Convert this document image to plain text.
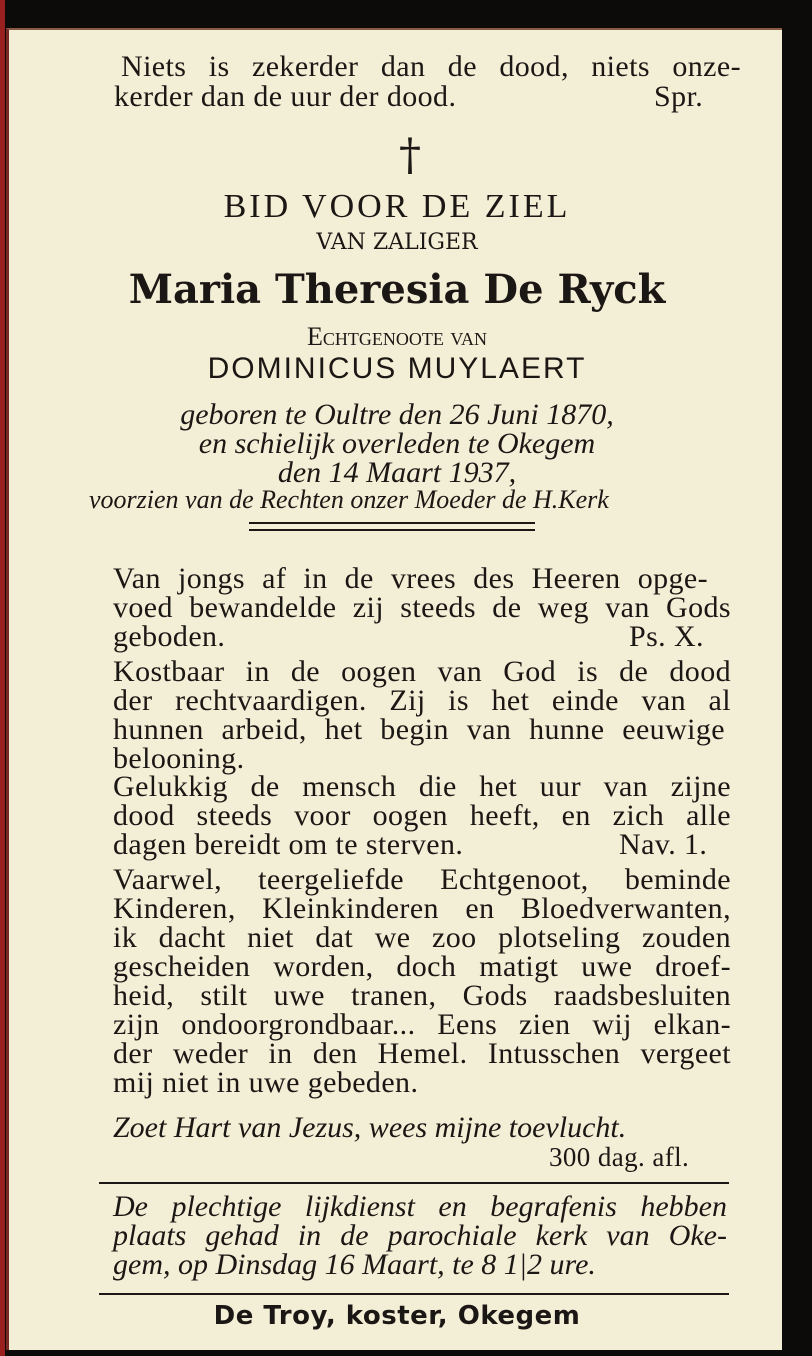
Niets is zekerder dan de dood, niets onze-
kerder dan de uur der dood.	Spr.
†
BID VOOR DE ZIEL
VAN ZALIGER
Maria Theresia De Ryck
Echtgenoote van
DOMINICUS MUYLAERT
geboren te Oultre den 26 Juni 1870,
en schielijk overleden te Okegem
den 14 Maart 1937,
voorzien van de Rechten onzer Moeder de H.Kerk
Van jongs af in de vrees des Heeren opge-
voed bewandelde zij steeds de weg van Gods
geboden.	Ps. X.
Kostbaar in de oogen van God is de dood
der rechtvaardigen. Zij is het einde van al
hunnen arbeid, het begin van hunne eeuwige
belooning.
Gelukkig de mensch die het uur van zijne
dood steeds voor oogen heeft, en zich alle
dagen bereidt om te sterven.	Nav. 1.
Vaarwel, teergeliefde Echtgenoot, beminde
Kinderen, Kleinkinderen en Bloedverwanten,
ik dacht niet dat we zoo plotseling zouden
gescheiden worden, doch matigt uwe droef-
heid, stilt uwe tranen, Gods raadsbesluiten
zijn ondoorgrondbaar... Eens zien wij elkan-
der weder in den Hemel. Intusschen vergeet
mij niet in uwe gebeden.
Zoet Hart van Jezus, wees mijne toevlucht.
300 dag. afl.
De plechtige lijkdienst en begrafenis hebben
plaats gehad in de parochiale kerk van Oke-
gem, op Dinsdag 16 Maart, te 8 1|2 ure.
De Troy, koster, Okegem
